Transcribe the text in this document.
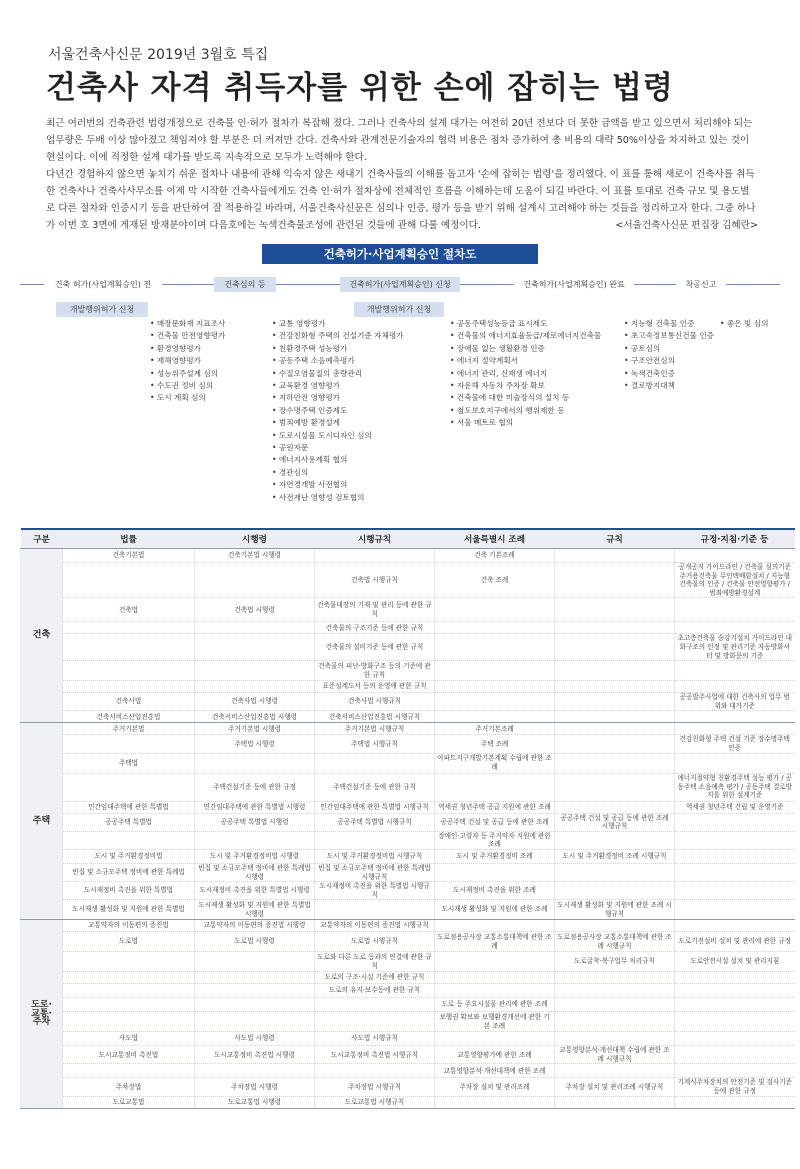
서울건축사신문 2019년 3월호 특집
건축사 자격 취득자를 위한 손에 잡히는 법령

최근 여러번의 건축관련 법령개정으로 건축물 인·허가 절차가 복잡해 졌다. 그러나 건축사의 설계 대가는 여전히 20년 전보다 더 못한 금액을 받고 있으면서 처리해야 되는 업무량은 두배 이상 많아졌고 책임져야 할 부분은 더 커져만 간다. 건축사와 관계전문기술자의 협력 비용은 점차 증가하여 총 비용의 대략 50%이상을 차지하고 있는 것이 현실이다. 이에 적정한 설계 대가를 받도록 지속적으로 모두가 노력해야 한다.

다년간 경험하지 않으면 놓치기 쉬운 절차나 내용에 관해 익숙지 않은 새내기 건축사들의 이해를 돕고자 '손에 잡히는 법령'을 정리했다. 이 표를 통해 새로이 건축사를 취득한 건축사나 건축사사무소를 이제 막 시작한 건축사들에게도 건축 인·허가 절차상에 전체적인 흐름을 이해하는데 도움이 되길 바란다. 이 표를 토대로 건축 규모 및 용도별로 다른 절차와 인증시기 등을 판단하여 잘 적용하길 바라며, 서울건축사신문은 심의나 인증, 평가 등을 받기 위해 설계시 고려해야 하는 것들을 정리하고자 한다. 그중 하나가 이번 호 3면에 게재된 방재분야이며 다음호에는 녹색건축물조성에 관련된 것들에 관해 다룰 예정이다.	<서울건축사신문 편집장 김혜란>

건축허가·사업계획승인 절차도
건축 허가(사업계획승인) 전	건축심의 등	건축허가(사업계획승인) 신청	건축허가(사업계획승인) 완료	착공신고
개발행위허가 신청	개발행위허가 신청
• 매장문화재 지표조사
• 건축물 안전영향평가
• 환경영향평가
• 재해영향평가
• 성능위주설계 심의
• 수도권 정비 심의
• 도시 계획 심의
• 교통 영향평가
• 건강친화형 주택의 건설기준 자체평가
• 친환경주택 성능평가
• 공동주택 소음예측평가
• 수질오염물질의 총량관리
• 교육환경 영향평가
• 지하안전 영향평가
• 장수명주택 인증제도
• 범죄예방 환경설계
• 도로시설물 도시디자인 심의
• 공원자문
• 에너지사용계획 협의
• 경관심의
• 자연경개발 사전협의
• 사전재난 영향성 검토협의
• 공동주택성능등급 표시제도
• 건축물의 에너지효율등급/제로에너지건축물
• 장애물 없는 생활환경 인증
• 에너지 절약계획서
• 에너지 관리, 신재생 에너지
• 자운해 자동차 주차장 확보
• 건축물에 대한 미술장식의 설치 등
• 철도보호지구에서의 행위제한 등
• 서울 메트로 협의
• 지능형 건축물 인증
• 초고속정보통신건물 인증
• 공토심의
• 구조안전심의
• 녹색건축인증
• 결로방지대책
• 좋은 빛 심의
구분	법률	시행령	시행규칙	서울특별시 조례	규칙	규정·지침·기준 등
건축	건축기본법	건축기본법 시행령		건축 기본조례		
			건축법 시행규칙	건축 조례		공개공지 가이드라인 / 건축물 심의기준 주거용건축물 무인택배함설치 / 지능형 건축물의 인증 / 건축물 안전영향평가 / 범죄예방환경설계
	건축법	건축법 시행령	건축물대장의 기재 및 관리 등에 관한 규칙			
			건축물의 구조기준 등에 관한 규칙			
			건축물의 설비기준 등에 관한 규칙			초고층건축물 승강기설치 가이드라인 내화구조의 인정 및 관리기준 자동방화셔터 및 방화문의 기준
			건축물의 피난·방화구조 등의 기준에 관한 규칙			
			표준설계도서 등의 운영에 관한 규칙			
	건축사법	건축사법 시행령	건축사법 시행규칙			공공발주사업에 대한 건축사의 업무 범위와 대가기준
	건축서비스산업진흥법	건축서비스산업진흥법 시행령	건축서비스산업진흥법 시행규칙			
주택	주거기본법	주거기본법 시행령	주거기본법 시행규칙	주거기본조례		
		주택법 시행령	주택법 시행규칙	주택 조례		건강친화형 주택 건설 기준 장수명주택 인증
	주택법			아파트지구개발기본계획 수립에 관한 조례		
		주택건설기준 등에 관한 규정	주택건설기준 등에 관한 규칙			에너지절약형 친환경주택 성능 평가 / 공동주택 소음예측 평가 / 공동주택 결로방지를 위한 설계기준
	민간임대주택에 관한 특별법	민간임대주택에 관한 특별법 시행령	민간임대주택에 관한 특별법 시행규칙	역세권 청년주택 공급 지원에 관한 조례		역세권 청년주택 건립 및 운영기준
	공공주택 특별법	공공주택 특별법 시행령	공공주택 특별법 시행규칙	공공주택 건설 및 공급 등에 관한 조례	공공주택 건설 및 공급 등에 관한 조례 시행규칙	
				장애인·고령자 등 주거약자 지원에 관한 조례		
	도시 및 주거환경정비법	도시 및 주거환경정비법 시행령	도시 및 주거환경정비법 시행규칙	도시 및 주거환경정비 조례	도시 및 주거환경정비 조례 시행규칙	
	빈집 및 소규모주택 정비에 관한 특례법	빈집 및 소규모주택 정비에 관한 특례법 시행령	빈집 및 소규모주택 정비에 관한 특례법 시행규칙			
	도시재정비 촉진을 위한 특별법	도시재정비 촉진을 위한 특별법 시행령	도시재정비 촉진을 위한 특별법 시행규칙	도시재정비 촉진을 위한 조례		
	도시재생 활성화 및 지원에 관한 특별법	도시재생 활성화 및 지원에 관한 특별법 시행령		도시재생 활성화 및 지원에 관한 조례	도시재생 활성화 및 지원에 관한 조례 시행규칙	
도로·
교통·
주차	교통약자의 이동편의 증진법	교통약자의 이동편의 증진법 시행령	교통약자의 이동편의 증진법 시행규칙			
	도로법	도로법 시행령	도로법 시행규칙	도로점용공사장 교통소통대책에 관한 조례	도로점용공사장 교통소통대책에 관한 조례 시행규칙	도로기전설비 설치 및 관리에 관한 규정
			도로와 다른 도로 등과의 연결에 관한 규칙		도로굴착·복구업무 처리규칙	도로안전시설 설치 및 관리지침
			도로의 구조·시설 기준에 관한 규칙			
			도로의 유지·보수등에 관한 규칙			
				도로 등 주요시설물 관리에 관한 조례		
				보행권 확보와 보행환경개선에 관한 기본 조례		
	사도법	사도법 시행령	사도법 시행규칙			
	도시교통정비 촉진법	도시교통정비 촉진법 시행령	도시교통정비 촉진법 시행규칙	교통영향평가에 관한 조례	교통영향분석·개선대책 수립에 관한 조례 시행규칙	
				교통영향분석·개선대책에 관한 조례		
	주차장법	주차장법 시행령	주차장법 시행규칙	주차장 설치 및 관리조례	주차장 설치 및 관리조례 시행규칙	기계식주차장치의 안전기준 및 검사기준 등에 관한 규정
	도로교통법	도로교통법 시행령	도로교통법 시행규칙			
